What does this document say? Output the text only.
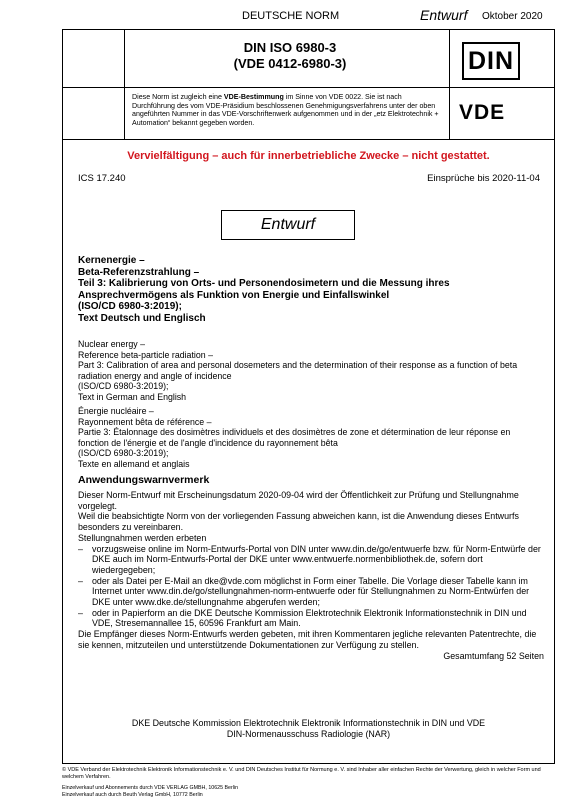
DEUTSCHE NORM	Entwurf Oktober 2020
DIN ISO 6980-3
(VDE 0412-6980-3)	DIN
Diese Norm ist zugleich eine VDE-Bestimmung im Sinne von VDE 0022. Sie ist nach Durchführung des vom VDE-Präsidium beschlossenen Genehmigungsverfahrens unter der oben angeführten Nummer in das VDE-Vorschriftenwerk aufgenommen und in der „etz Elektrotechnik + Automation“ bekannt gegeben worden.	VDE
Vervielfältigung – auch für innerbetriebliche Zwecke – nicht gestattet.
ICS 17.240	Einsprüche bis 2020-11-04
Entwurf
Kernenergie –
Beta-Referenzstrahlung –
Teil 3: Kalibrierung von Orts- und Personendosimetern und die Messung ihres Ansprechvermögens als Funktion von Energie und Einfallswinkel
(ISO/CD 6980-3:2019);
Text Deutsch und Englisch
Nuclear energy –
Reference beta-particle radiation –
Part 3: Calibration of area and personal dosemeters and the determination of their response as a function of beta radiation energy and angle of incidence
(ISO/CD 6980-3:2019);
Text in German and English
Énergie nucléaire –
Rayonnement bêta de référence –
Partie 3: Étalonnage des dosimètres individuels et des dosimètres de zone et détermination de leur réponse en fonction de l'énergie et de l'angle d'incidence du rayonnement bêta
(ISO/CD 6980-3:2019);
Texte en allemand et anglais
Anwendungswarnvermerk
Dieser Norm-Entwurf mit Erscheinungsdatum 2020-09-04 wird der Öffentlichkeit zur Prüfung und Stellungnahme vorgelegt.
Weil die beabsichtigte Norm von der vorliegenden Fassung abweichen kann, ist die Anwendung dieses Entwurfs besonders zu vereinbaren.
Stellungnahmen werden erbeten
–	vorzugsweise online im Norm-Entwurfs-Portal von DIN unter www.din.de/go/entwuerfe bzw. für Norm-Entwürfe der DKE auch im Norm-Entwurfs-Portal der DKE unter www.entwuerfe.normenbibliothek.de, sofern dort wiedergegeben;
–	oder als Datei per E-Mail an dke@vde.com möglichst in Form einer Tabelle. Die Vorlage dieser Tabelle kann im Internet unter www.din.de/go/stellungnahmen-norm-entwuerfe oder für Stellungnahmen zu Norm-Entwürfen der DKE unter www.dke.de/stellungnahme abgerufen werden;
–	oder in Papierform an die DKE Deutsche Kommission Elektrotechnik Elektronik Informationstechnik in DIN und VDE, Stresemannallee 15, 60596 Frankfurt am Main.
Die Empfänger dieses Norm-Entwurfs werden gebeten, mit ihren Kommentaren jegliche relevanten Patentrechte, die sie kennen, mitzuteilen und unterstützende Dokumentationen zur Verfügung zu stellen.
Gesamtumfang 52 Seiten
DKE Deutsche Kommission Elektrotechnik Elektronik Informationstechnik in DIN und VDE
DIN-Normenausschuss Radiologie (NAR)
© VDE Verband der Elektrotechnik Elektronik Informationstechnik e. V. und DIN Deutsches Institut für Normung e. V. sind Inhaber aller einfachen Rechte der Verwertung, gleich in welcher Form und welchem Verfahren.
Einzelverkauf und Abonnements durch VDE VERLAG GMBH, 10625 Berlin
Einzelverkauf auch durch Beuth Verlag GmbH, 10772 Berlin
